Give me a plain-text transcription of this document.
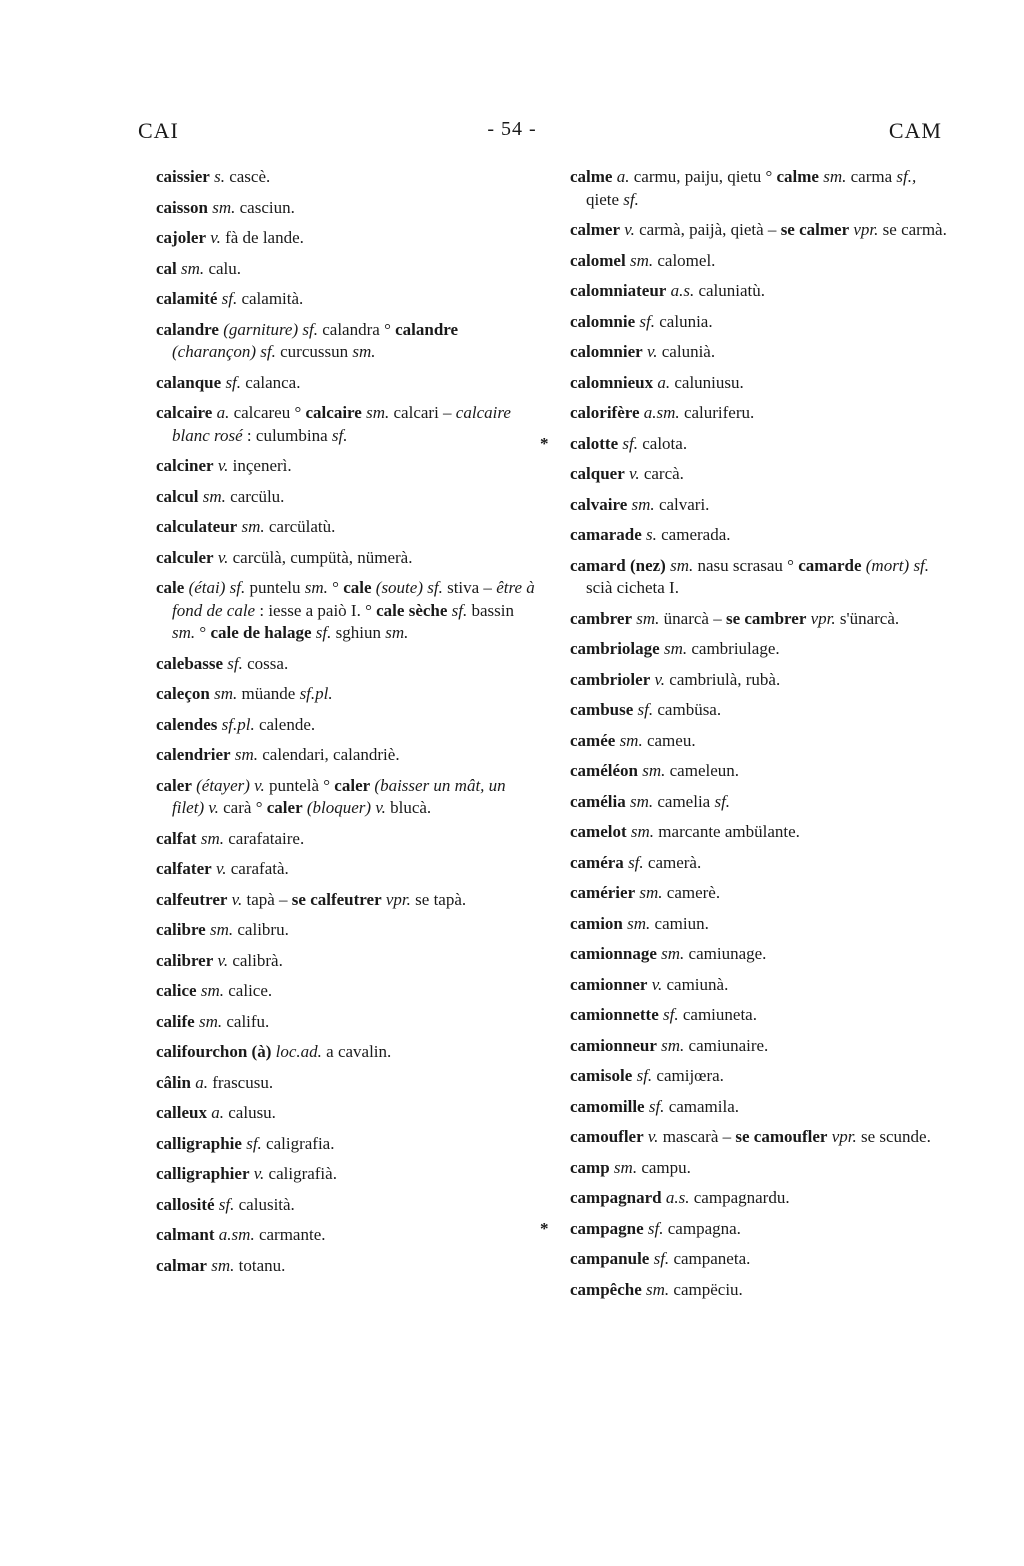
CAI	- 54 -	CAM
caissier s. cascè.
caisson sm. casciun.
cajoler v. fà de lande.
cal sm. calu.
calamité sf. calamità.
calandre (garniture) sf. calandra ° calandre (charançon) sf. curcussun sm.
calanque sf. calanca.
calcaire a. calcareu ° calcaire sm. calcari – calcaire blanc rosé : culumbina sf.
calciner v. inçenerì.
calcul sm. carcülu.
calculateur sm. carcülatù.
calculer v. carcülà, cumpütà, nümerà.
cale (étai) sf. puntelu sm. ° cale (soute) sf. stiva – être à fond de cale : iesse a paiò I. ° cale sèche sf. bassin sm. ° cale de halage sf. sghiun sm.
calebasse sf. cossa.
caleçon sm. müande sf.pl.
calendes sf.pl. calende.
calendrier sm. calendari, calandriè.
caler (étayer) v. puntelà ° caler (baisser un mât, un filet) v. carà ° caler (bloquer) v. blucà.
calfat sm. carafataire.
calfater v. carafatà.
calfeutrer v. tapà – se calfeutrer vpr. se tapà.
calibre sm. calibru.
calibrer v. calibrà.
calice sm. calice.
calife sm. califu.
califourchon (à) loc.ad. a cavalin.
câlin a. frascusu.
calleux a. calusu.
calligraphie sf. caligrafia.
calligraphier v. caligrafià.
callosité sf. calusità.
calmant a.sm. carmante.
calmar sm. totanu.
calme a. carmu, paiju, qietu ° calme sm. carma sf., qiete sf.
calmer v. carmà, paijà, qietà – se calmer vpr. se carmà.
calomel sm. calomel.
calomniateur a.s. caluniatù.
calomnie sf. calunia.
calomnier v. calunià.
calomnieux a. caluniusu.
calorifère a.sm. caluriferu.
* calotte sf. calota.
calquer v. carcà.
calvaire sm. calvari.
camarade s. camerada.
camard (nez) sm. nasu scrasau ° camarde (mort) sf. scià cicheta I.
cambrer sm. ünarcà – se cambrer vpr. s'ünarcà.
cambriolage sm. cambriulage.
cambrioler v. cambriulà, rubà.
cambuse sf. cambüsa.
camée sm. cameu.
caméléon sm. cameleun.
camélia sm. camelia sf.
camelot sm. marcante ambülante.
caméra sf. camerà.
camérier sm. camerè.
camion sm. camiun.
camionnage sm. camiunage.
camionner v. camiunà.
camionnette sf. camiuneta.
camionneur sm. camiunaire.
camisole sf. camijœra.
camomille sf. camamila.
camoufler v. mascarà – se camoufler vpr. se scunde.
camp sm. campu.
campagnard a.s. campagnardu.
* campagne sf. campagna.
campanule sf. campaneta.
campêche sm. campëciu.
